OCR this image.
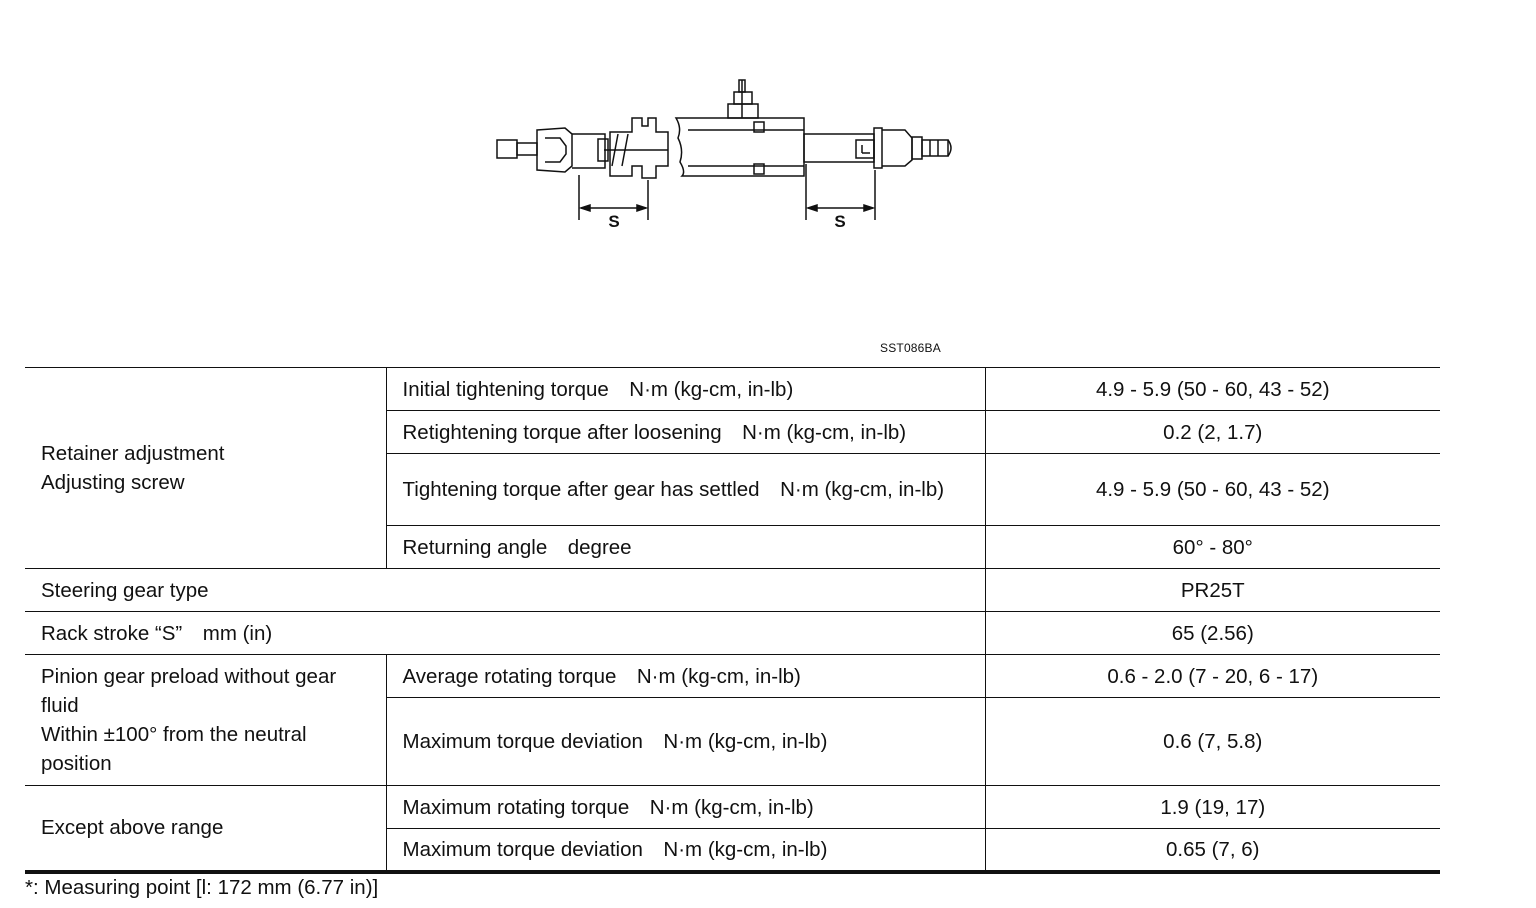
S	S
SST086BA
Retainer adjustment
Adjusting screw	Initial tightening torque　N·m (kg-cm, in-lb)	4.9 - 5.9 (50 - 60, 43 - 52)
	Retightening torque after loosening　N·m (kg-cm, in-lb)	0.2 (2, 1.7)
	Tightening torque after gear has settled　N·m (kg-cm, in-lb)	4.9 - 5.9 (50 - 60, 43 - 52)
	Returning angle　degree	60° - 80°
Steering gear type		PR25T
Rack stroke “S”　mm (in)		65 (2.56)
Pinion gear preload without gear fluid
Within ±100° from the neutral position	Average rotating torque　N·m (kg-cm, in-lb)	0.6 - 2.0 (7 - 20, 6 - 17)
	Maximum torque deviation　N·m (kg-cm, in-lb)	0.6 (7, 5.8)
Except above range	Maximum rotating torque　N·m (kg-cm, in-lb)	1.9 (19, 17)
	Maximum torque deviation　N·m (kg-cm, in-lb)	0.65 (7, 6)
*: Measuring point [l: 172 mm (6.77 in)]
